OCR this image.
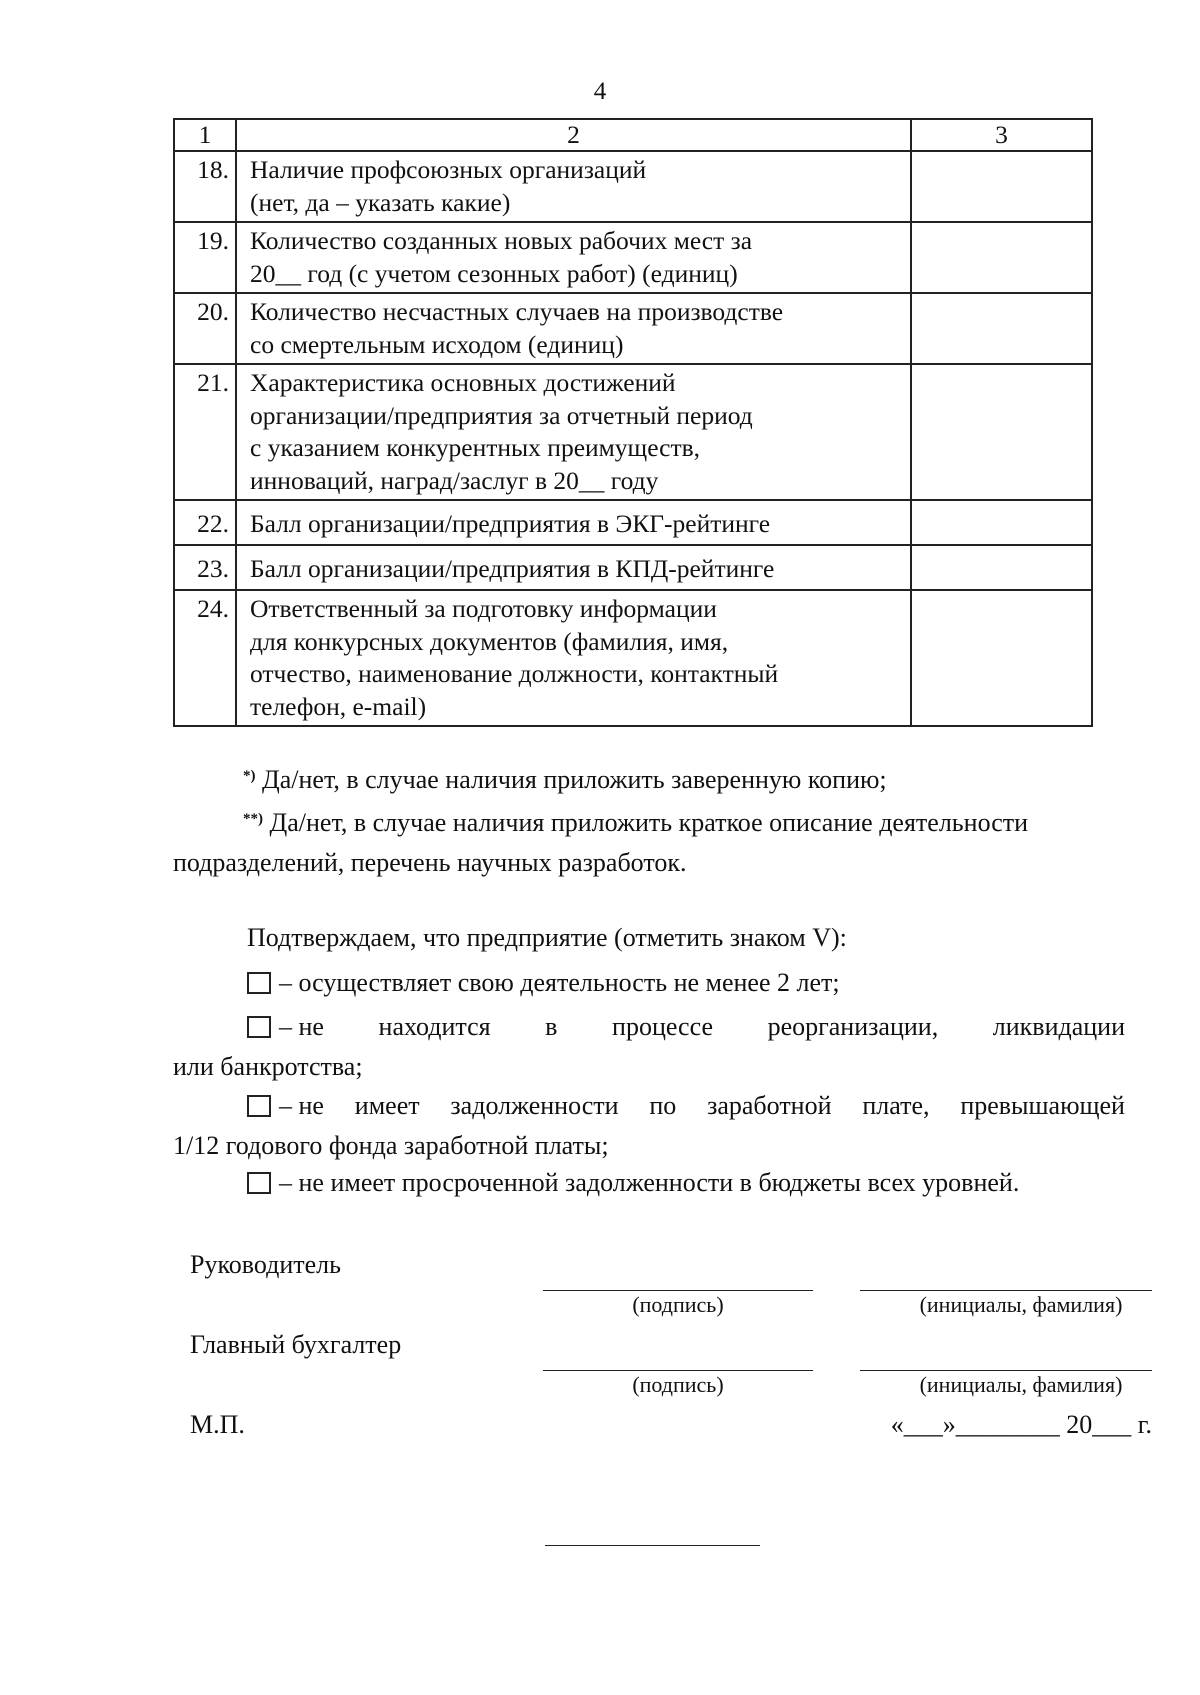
4
1	2	3
18.	Наличие профсоюзных организаций
(нет, да – указать какие)	

19.	Количество созданных новых рабочих мест за
20__ год (с учетом сезонных работ) (единиц)	

20.	Количество несчастных случаев на производстве
со смертельным исходом (единиц)	

21.	Характеристика основных достижений
организации/предприятия за отчетный период
с указанием конкурентных преимуществ,
инноваций, наград/заслуг в 20__ году	

22.	Балл организации/предприятия в ЭКГ-рейтинге	

23.	Балл организации/предприятия в КПД-рейтинге	

24.	Ответственный за подготовку информации
для конкурсных документов (фамилия, имя,
отчество, наименование должности, контактный
телефон, e-mail)	

*) Да/нет, в случае наличия приложить заверенную копию;
**) Да/нет, в случае наличия приложить краткое описание деятельности
подразделений, перечень научных разработок.
Подтверждаем, что предприятие (отметить знаком V):
– осуществляет свою деятельность не менее 2 лет;
– не находится в процессе реорганизации, ликвидации
или банкротства;
– не имеет задолженности по заработной плате, превышающей
1/12 годового фонда заработной платы;
– не имеет просроченной задолженности в бюджеты всех уровней.
Руководитель
(подпись)	(инициалы, фамилия)
Главный бухгалтер
(подпись)	(инициалы, фамилия)
М.П.	«___»________ 20___ г.
